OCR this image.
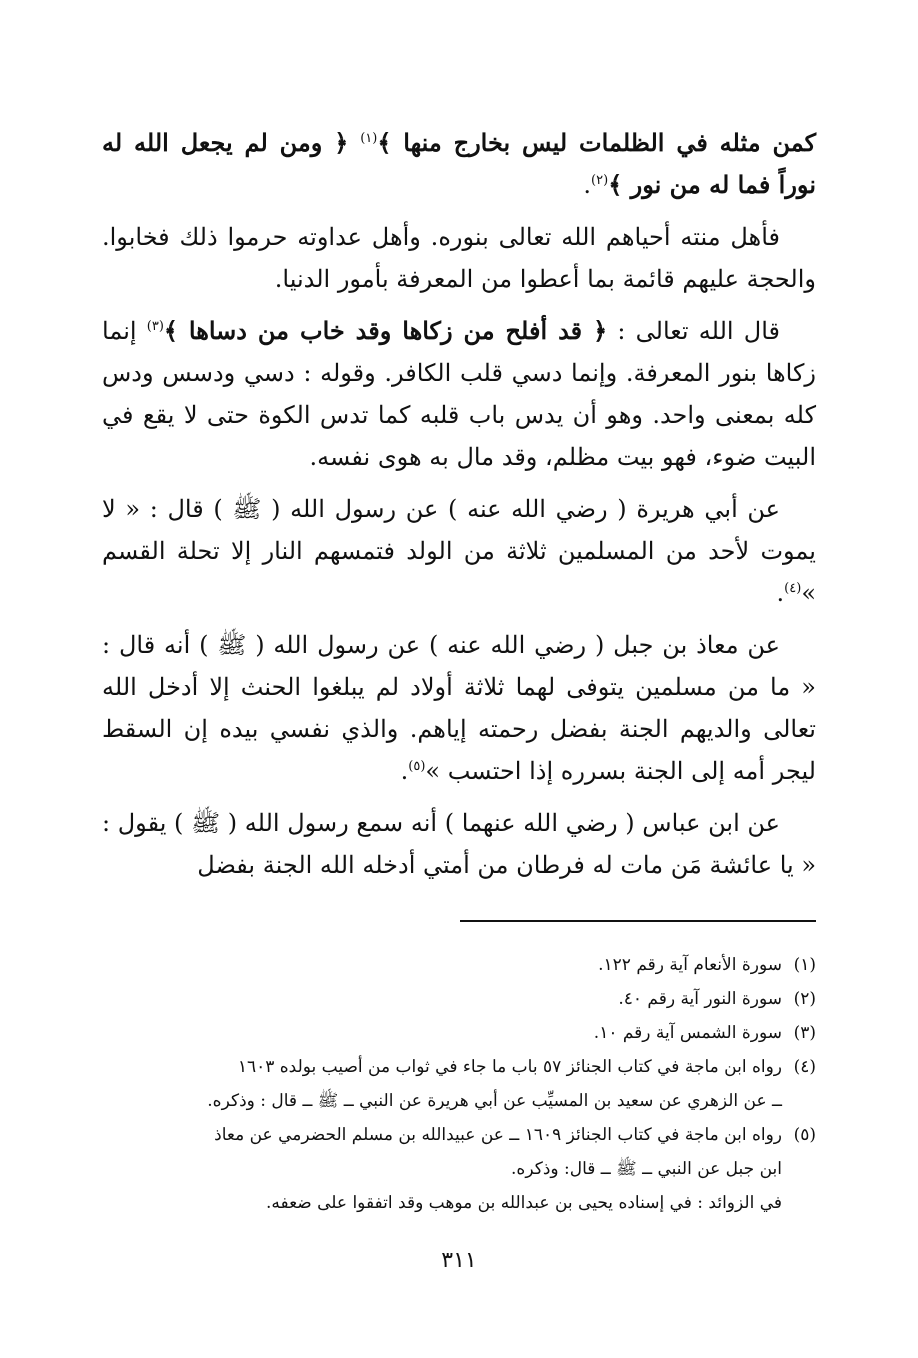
كمن مثله في الظلمات ليس بخارج منها ﴾$^{(١)}$ ﴿ ومن لم يجعل الله له نوراً فما له من نور ﴾$^{(٢)}$.

فأهل منته أحياهم الله تعالى بنوره. وأهل عداوته حرموا ذلك فخابوا. والحجة عليهم قائمة بما أعطوا من المعرفة بأمور الدنيا.

قال الله تعالى : ﴿ قد أفلح من زكاها وقد خاب من دساها ﴾$^{(٣)}$ إنما زكاها بنور المعرفة. وإنما دسي قلب الكافر. وقوله : دسي ودسس ودس كله بمعنى واحد. وهو أن يدس باب قلبه كما تدس الكوة حتى لا يقع في البيت ضوء، فهو بيت مظلم، وقد مال به هوى نفسه.

عن أبي هريرة ( رضي الله عنه ) عن رسول الله ( ﷺ ) قال : « لا يموت لأحد من المسلمين ثلاثة من الولد فتمسهم النار إلا تحلة القسم »$^{(٤)}$.

عن معاذ بن جبل ( رضي الله عنه ) عن رسول الله ( ﷺ ) أنه قال : « ما من مسلمين يتوفى لهما ثلاثة أولاد لم يبلغوا الحنث إلا أدخل الله تعالى والديهم الجنة بفضل رحمته إياهم. والذي نفسي بيده إن السقط ليجر أمه إلى الجنة بسرره إذا احتسب »$^{(٥)}$.

عن ابن عباس ( رضي الله عنهما ) أنه سمع رسول الله ( ﷺ ) يقول : « يا عائشة مَن مات له فرطان من أمتي أدخله الله الجنة بفضل

(١)سورة الأنعام آية رقم ١٢٢.

(٢)سورة النور آية رقم ٤٠.

(٣)سورة الشمس آية رقم ١٠.

(٤)رواه ابن ماجة في كتاب الجنائز ٥٧ باب ما جاء في ثواب من أصيب بولده ١٦٠٣

ــ عن الزهري عن سعيد بن المسيِّب عن أبي هريرة عن النبي ــ ﷺ ــ قال : وذكره.

(٥)رواه ابن ماجة في كتاب الجنائز ١٦٠٩ ــ عن عبيدالله بن مسلم الحضرمي عن معاذ

ابن جبل عن النبي ــ ﷺ ــ قال: وذكره.

في الزوائد : في إسناده يحيى بن عبدالله بن موهب وقد اتفقوا على ضعفه.

٣١١
